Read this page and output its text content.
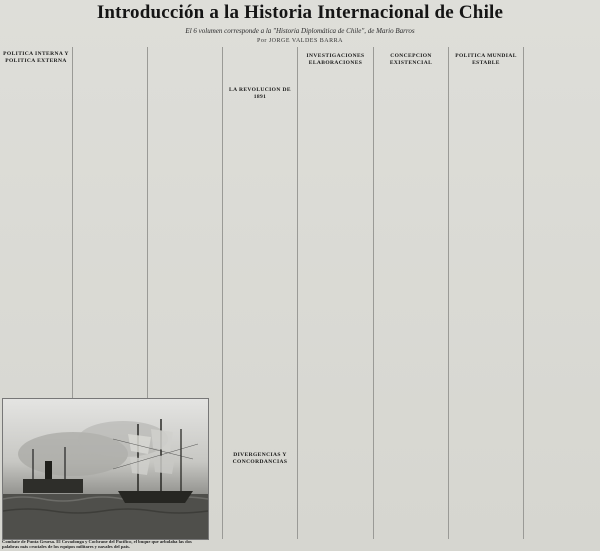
Introducción a la Historia Internacional de Chile
El 6 volumen corresponde a la "Historia Diplomática de Chile", de Mario Barros
Por JORGE VALDES BARRA
POLITICA INTERNA Y POLITICA EXTERNA
LA REVOLUCION DE 1891
INVESTIGACIONES ELABORACIONES
CONCEPCION EXISTENCIAL
POLITICA MUNDIAL ESTABLE
DIVERGENCIAS Y CONCORDANCIAS
Combate de Punta Gruesa. El Covadonga y Cochrane del Pacífico, el buque que arbolaba las dos palabras más cruciales de los equipos militares y navales del país.
